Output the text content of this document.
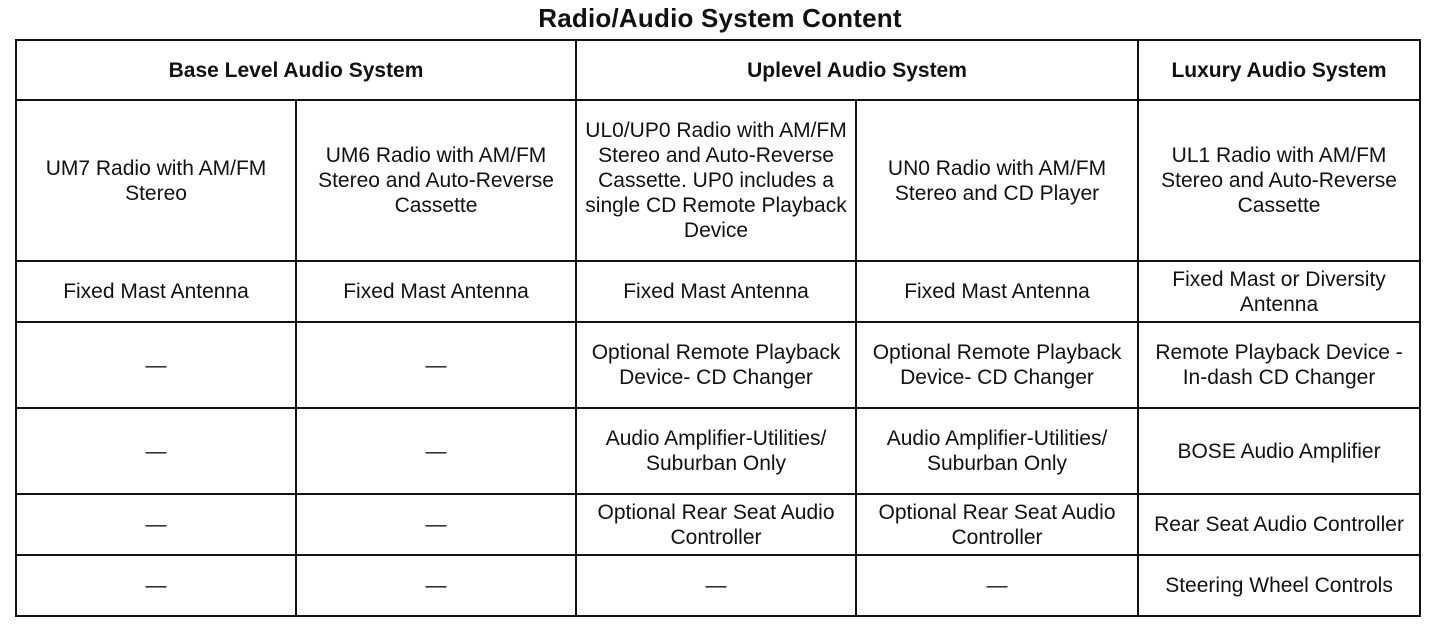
Radio/Audio System Content
Base Level Audio System		Uplevel Audio System		Luxury Audio System
UM7 Radio with AM/FM Stereo	UM6 Radio with AM/FM Stereo and Auto-Reverse Cassette	UL0/UP0 Radio with AM/FM Stereo and Auto-Reverse Cassette. UP0 includes a single CD Remote Playback Device	UN0 Radio with AM/FM Stereo and CD Player	UL1 Radio with AM/FM Stereo and Auto-Reverse Cassette
Fixed Mast Antenna	Fixed Mast Antenna	Fixed Mast Antenna	Fixed Mast Antenna	Fixed Mast or Diversity Antenna
—	—	Optional Remote Playback Device- CD Changer	Optional Remote Playback Device- CD Changer	Remote Playback Device - In-dash CD Changer
—	—	Audio Amplifier-Utilities/ Suburban Only	Audio Amplifier-Utilities/ Suburban Only	BOSE Audio Amplifier
—	—	Optional Rear Seat Audio Controller	Optional Rear Seat Audio Controller	Rear Seat Audio Controller
—	—	—	—	Steering Wheel Controls
